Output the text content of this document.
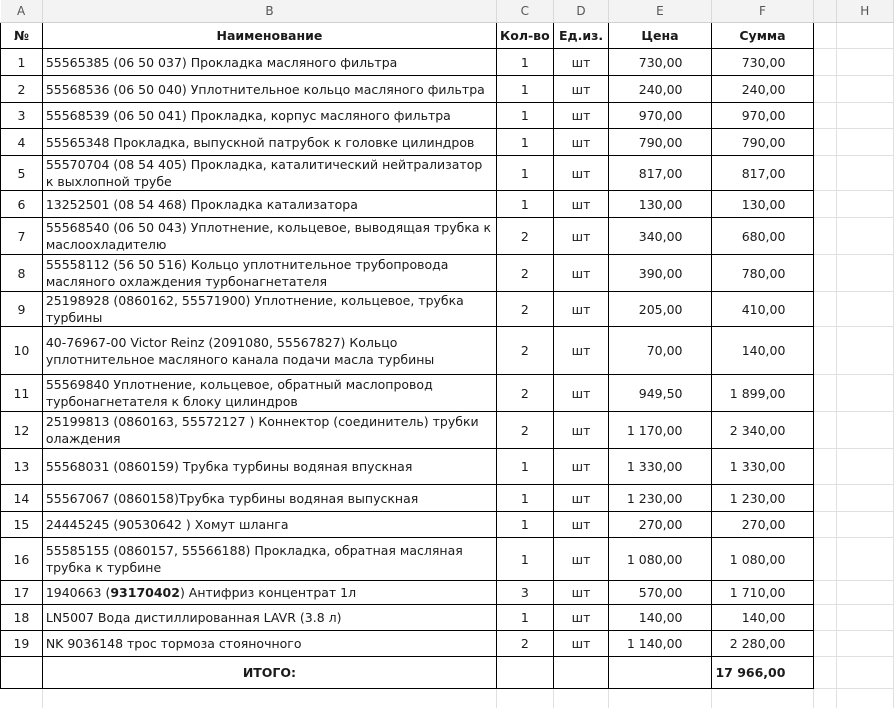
A	B	C	D	E	F		H
№	Наименование	Кол-во	Ед.из.	Цена	Сумма		
1	55565385 (06 50 037) Прокладка масляного фильтра	1	шт	730,00	730,00		
2	55568536 (06 50 040) Уплотнительное кольцо масляного фильтра	1	шт	240,00	240,00		
3	55568539 (06 50 041) Прокладка, корпус масляного фильтра	1	шт	970,00	970,00		
4	55565348 Прокладка, выпускной патрубок к головке цилиндров	1	шт	790,00	790,00		
5	55570704 (08 54 405) Прокладка, каталитический нейтрализатор к выхлопной трубе	1	шт	817,00	817,00		
6	13252501 (08 54 468) Прокладка катализатора	1	шт	130,00	130,00		
7	55568540 (06 50 043) Уплотнение, кольцевое, выводящая трубка к маслоохладителю	2	шт	340,00	680,00		
8	55558112 (56 50 516) Кольцо уплотнительное трубопровода масляного охлаждения турбонагнетателя	2	шт	390,00	780,00		
9	25198928 (0860162, 55571900) Уплотнение, кольцевое, трубка турбины	2	шт	205,00	410,00		
10	40-76967-00 Victor Reinz (2091080, 55567827) Кольцо уплотнительное масляного канала подачи масла турбины	2	шт	70,00	140,00		
11	55569840 Уплотнение, кольцевое, обратный маслопровод турбонагнетателя к блоку цилиндров	2	шт	949,50	1 899,00		
12	25199813 (0860163, 55572127 ) Коннектор (соединитель) трубки олаждения	2	шт	1 170,00	2 340,00		
13	55568031 (0860159) Трубка турбины водяная впускная	1	шт	1 330,00	1 330,00		
14	55567067 (0860158)Трубка турбины водяная выпускная	1	шт	1 230,00	1 230,00		
15	24445245 (90530642 ) Хомут шланга	1	шт	270,00	270,00		
16	55585155 (0860157, 55566188) Прокладка, обратная масляная трубка к турбине	1	шт	1 080,00	1 080,00		
17	1940663 (93170402) Антифриз концентрат 1л	3	шт	570,00	1 710,00		
18	LN5007 Вода дистиллированная LAVR (3.8 л)	1	шт	140,00	140,00		
19	NK 9036148 трос тормоза стояночного	2	шт	1 140,00	2 280,00		
	ИТОГО:				17 966,00		
